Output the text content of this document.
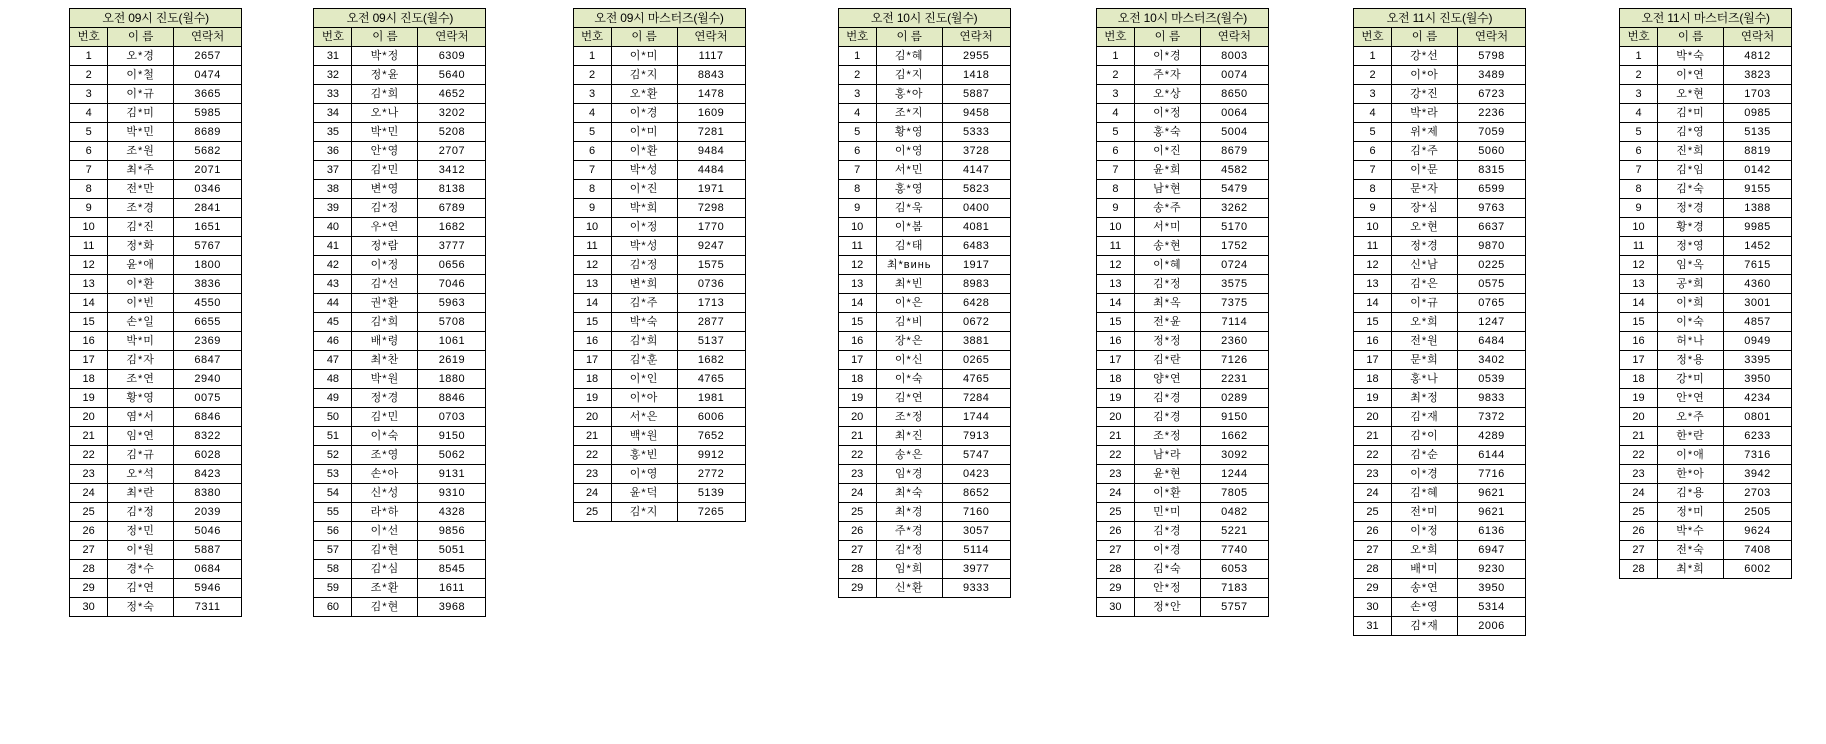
오전 09시 진도(월수)		
번호	이 름	연락처
1	오*경	2657
2	이*철	0474
3	이*규	3665
4	김*미	5985
5	박*민	8689
6	조*원	5682
7	최*주	2071
8	전*만	0346
9	조*경	2841
10	김*진	1651
11	정*화	5767
12	윤*애	1800
13	이*환	3836
14	이*빈	4550
15	손*일	6655
16	박*미	2369
17	김*자	6847
18	조*연	2940
19	황*영	0075
20	염*서	6846
21	임*연	8322
22	김*규	6028
23	오*석	8423
24	최*란	8380
25	김*정	2039
26	정*민	5046
27	이*원	5887
28	경*수	0684
29	김*연	5946
30	정*숙	7311
오전 09시 진도(월수)		
번호	이 름	연락처
31	박*정	6309
32	정*윤	5640
33	김*희	4652
34	오*나	3202
35	박*민	5208
36	안*영	2707
37	김*민	3412
38	변*영	8138
39	김*정	6789
40	우*연	1682
41	정*람	3777
42	이*정	0656
43	김*선	7046
44	권*환	5963
45	김*희	5708
46	배*령	1061
47	최*찬	2619
48	박*원	1880
49	정*경	8846
50	김*민	0703
51	이*숙	9150
52	조*영	5062
53	손*아	9131
54	신*성	9310
55	라*하	4328
56	이*선	9856
57	김*현	5051
58	김*심	8545
59	조*환	1611
60	김*현	3968
오전 09시 마스터즈(월수)		
번호	이 름	연락처
1	이*미	1117
2	김*지	8843
3	오*환	1478
4	이*경	1609
5	이*미	7281
6	이*환	9484
7	박*성	4484
8	이*진	1971
9	박*희	7298
10	이*정	1770
11	박*성	9247
12	김*정	1575
13	변*희	0736
14	김*주	1713
15	박*숙	2877
16	김*희	5137
17	김*훈	1682
18	이*인	4765
19	이*아	1981
20	서*은	6006
21	백*원	7652
22	홍*빈	9912
23	이*영	2772
24	윤*덕	5139
25	김*지	7265
오전 10시 진도(월수)		
번호	이 름	연락처
1	김*혜	2955
2	김*지	1418
3	홍*아	5887
4	조*지	9458
5	황*영	5333
6	이*영	3728
7	서*민	4147
8	홍*영	5823
9	김*욱	0400
10	이*봄	4081
11	김*태	6483
12	최*винь	1917
13	최*빈	8983
14	이*은	6428
15	김*비	0672
16	장*은	3881
17	이*신	0265
18	이*숙	4765
19	김*연	7284
20	조*정	1744
21	최*진	7913
22	송*은	5747
23	임*경	0423
24	최*숙	8652
25	최*경	7160
26	주*경	3057
27	김*정	5114
28	임*희	3977
29	신*환	9333
오전 10시 마스터즈(월수)		
번호	이 름	연락처
1	이*경	8003
2	주*자	0074
3	오*상	8650
4	이*정	0064
5	홍*숙	5004
6	이*진	8679
7	윤*희	4582
8	남*현	5479
9	송*주	3262
10	서*미	5170
11	송*현	1752
12	이*혜	0724
13	김*정	3575
14	최*옥	7375
15	전*윤	7114
16	정*정	2360
17	김*란	7126
18	양*연	2231
19	김*경	0289
20	김*경	9150
21	조*정	1662
22	남*라	3092
23	윤*현	1244
24	이*환	7805
25	민*미	0482
26	김*경	5221
27	이*경	7740
28	김*숙	6053
29	안*정	7183
30	정*안	5757
오전 11시 진도(월수)		
번호	이 름	연락처
1	강*선	5798
2	이*아	3489
3	강*진	6723
4	박*라	2236
5	위*제	7059
6	김*주	5060
7	이*문	8315
8	문*자	6599
9	장*심	9763
10	오*현	6637
11	정*경	9870
12	신*남	0225
13	김*은	0575
14	이*규	0765
15	오*희	1247
16	전*원	6484
17	문*희	3402
18	홍*나	0539
19	최*정	9833
20	김*재	7372
21	김*이	4289
22	김*순	6144
23	이*경	7716
24	김*혜	9621
25	전*미	9621
26	이*정	6136
27	오*희	6947
28	배*미	9230
29	송*연	3950
30	손*영	5314
31	김*재	2006
오전 11시 마스터즈(월수)		
번호	이 름	연락처
1	박*숙	4812
2	이*연	3823
3	오*현	1703
4	김*미	0985
5	김*영	5135
6	진*희	8819
7	김*임	0142
8	김*숙	9155
9	정*경	1388
10	황*경	9985
11	정*영	1452
12	임*옥	7615
13	공*희	4360
14	이*희	3001
15	이*숙	4857
16	허*나	0949
17	정*용	3395
18	강*미	3950
19	안*연	4234
20	오*주	0801
21	한*란	6233
22	이*애	7316
23	한*아	3942
24	김*용	2703
25	정*미	2505
26	박*수	9624
27	전*숙	7408
28	최*희	6002
